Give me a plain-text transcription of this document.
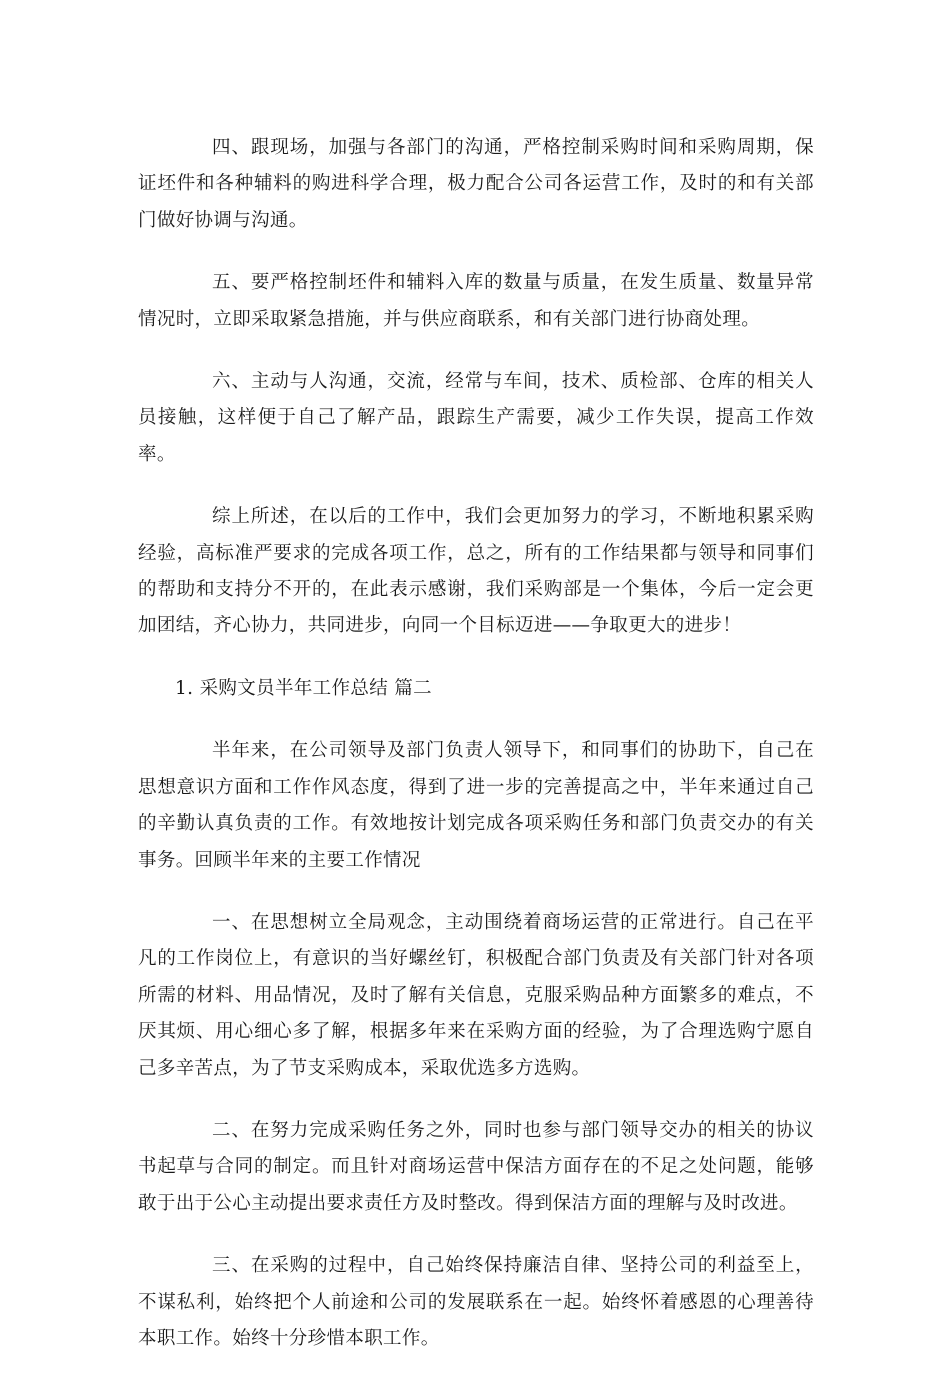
四、跟现场，加强与各部门的沟通，严格控制采购时间和采购周期，保证坯件和各种辅料的购进科学合理，极力配合公司各运营工作，及时的和有关部门做好协调与沟通。

五、要严格控制坯件和辅料入库的数量与质量，在发生质量、数量异常情况时，立即采取紧急措施，并与供应商联系，和有关部门进行协商处理。

六、主动与人沟通，交流，经常与车间，技术、质检部、仓库的相关人员接触，这样便于自己了解产品，跟踪生产需要，减少工作失误，提高工作效率。

综上所述，在以后的工作中，我们会更加努力的学习，不断地积累采购经验，高标准严要求的完成各项工作，总之，所有的工作结果都与领导和同事们的帮助和支持分不开的，在此表示感谢，我们采购部是一个集体，今后一定会更加团结，齐心协力，共同进步，向同一个目标迈进——争取更大的进步！

1. 采购文员半年工作总结 篇二

半年来，在公司领导及部门负责人领导下，和同事们的协助下，自己在思想意识方面和工作作风态度，得到了进一步的完善提高之中，半年来通过自己的辛勤认真负责的工作。有效地按计划完成各项采购任务和部门负责交办的有关事务。回顾半年来的主要工作情况

一、在思想树立全局观念，主动围绕着商场运营的正常进行。自己在平凡的工作岗位上，有意识的当好螺丝钉，积极配合部门负责及有关部门针对各项所需的材料、用品情况，及时了解有关信息，克服采购品种方面繁多的难点，不厌其烦、用心细心多了解，根据多年来在采购方面的经验，为了合理选购宁愿自己多辛苦点，为了节支采购成本，采取优选多方选购。

二、在努力完成采购任务之外，同时也参与部门领导交办的相关的协议书起草与合同的制定。而且针对商场运营中保洁方面存在的不足之处问题，能够敢于出于公心主动提出要求责任方及时整改。得到保洁方面的理解与及时改进。

三、在采购的过程中，自己始终保持廉洁自律、坚持公司的利益至上，不谋私利，始终把个人前途和公司的发展联系在一起。始终怀着感恩的心理善待本职工作。始终十分珍惜本职工作。
